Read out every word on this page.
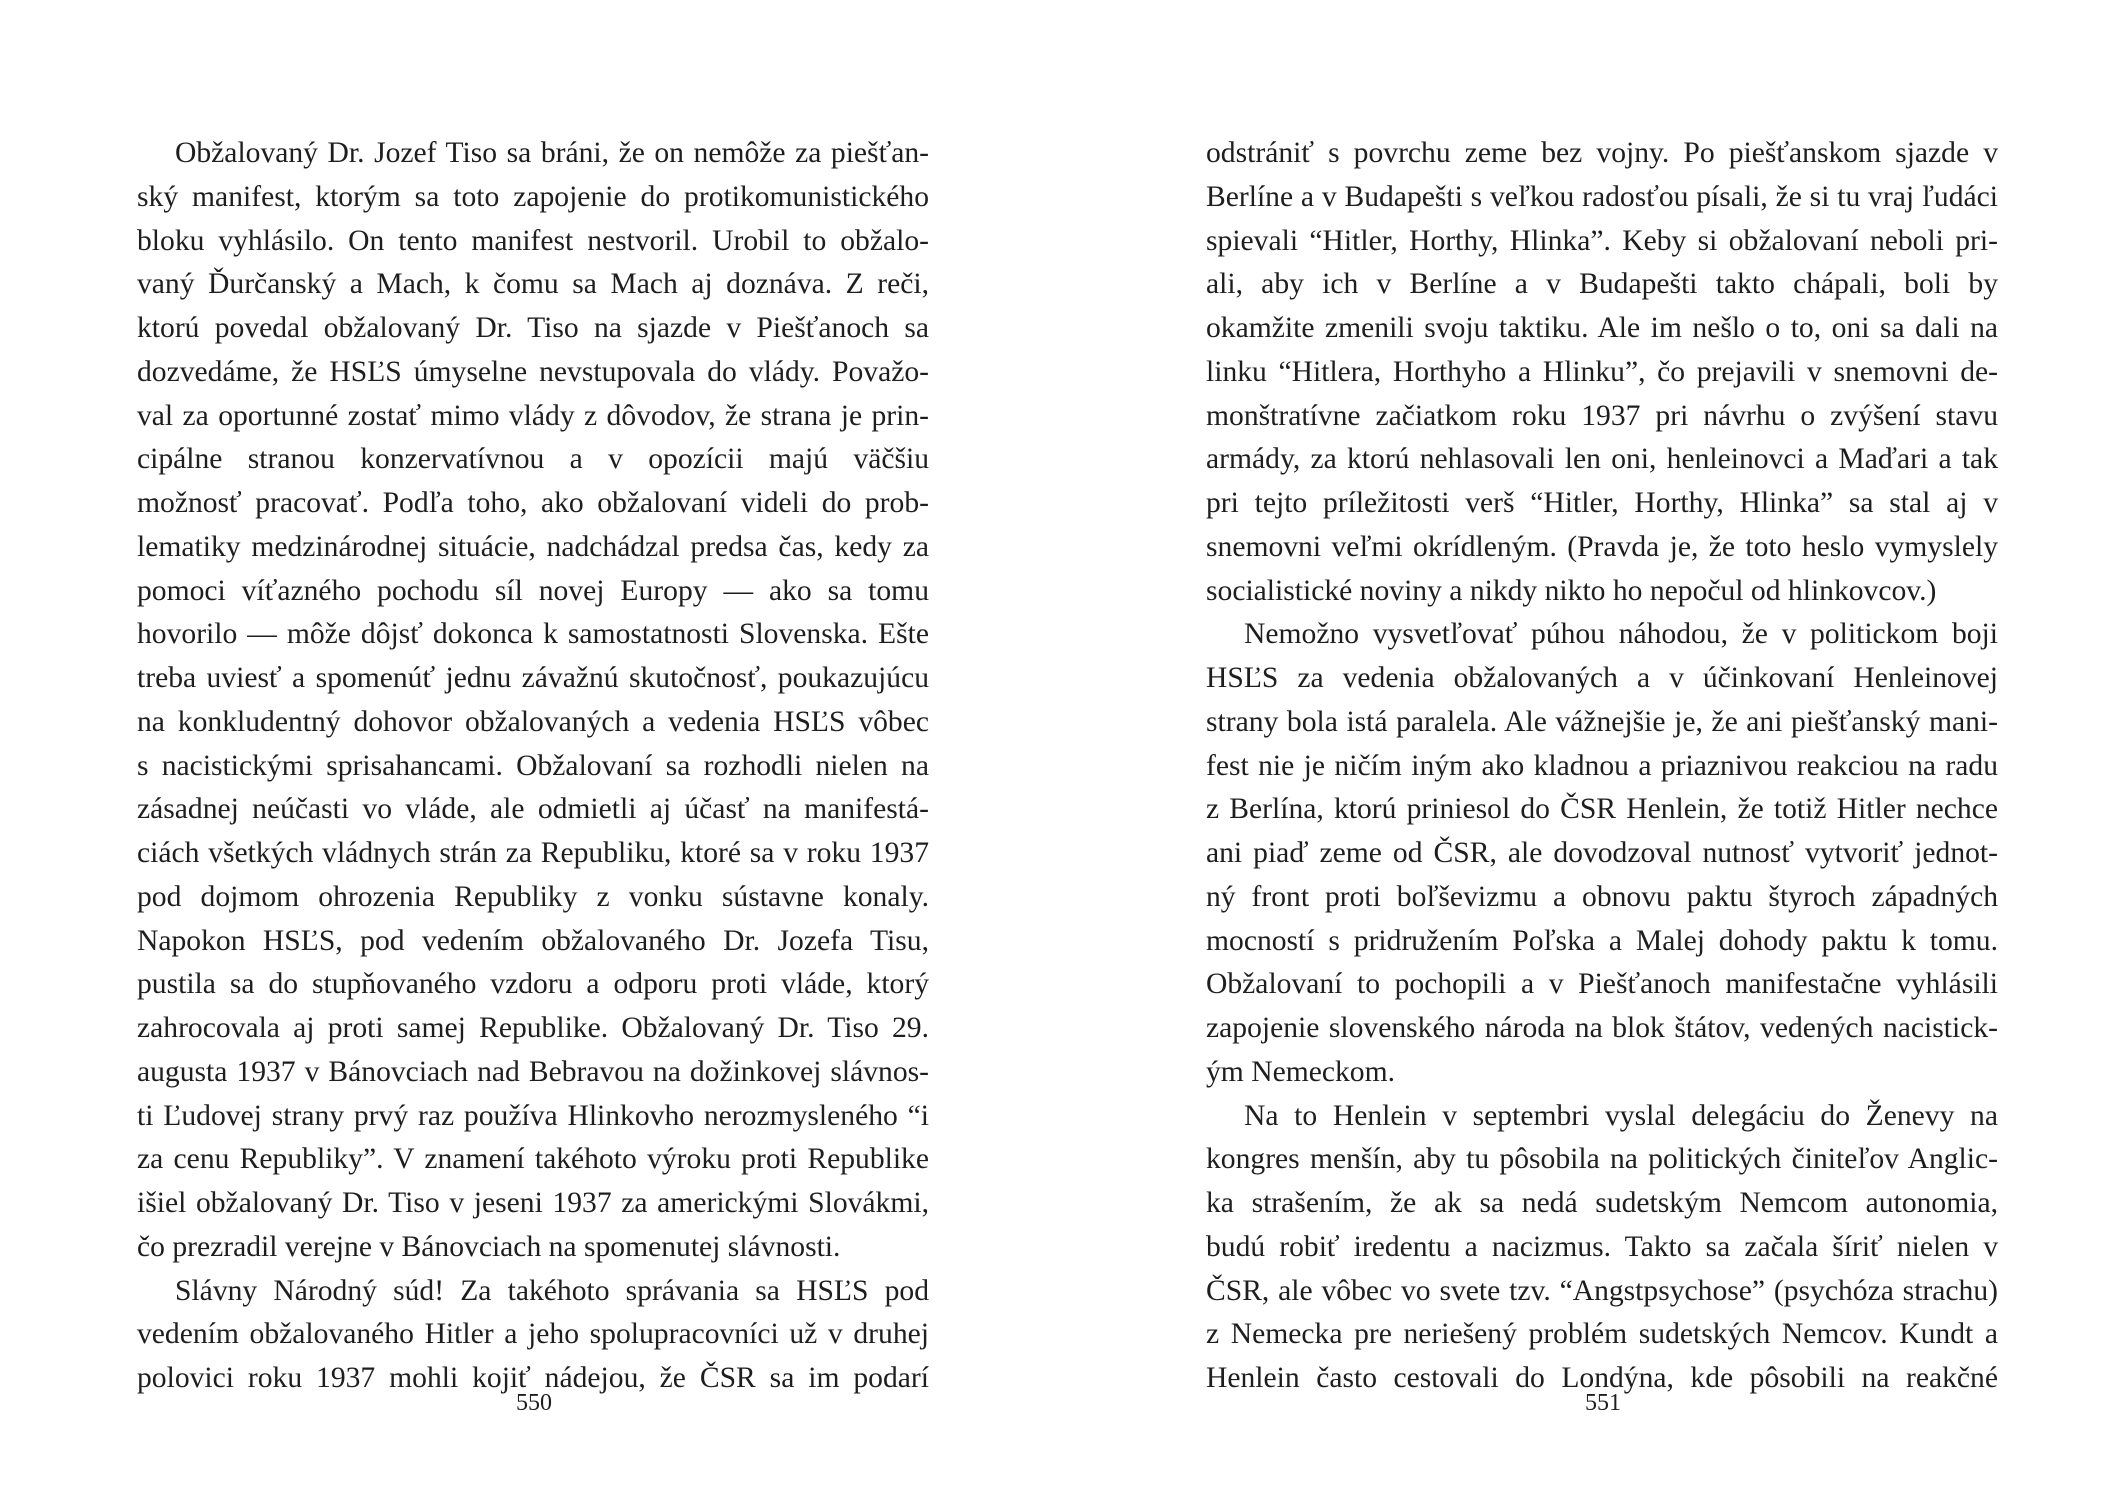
Obžalovaný Dr. Jozef Tiso sa bráni, že on nemôže za piešťan-
ský manifest, ktorým sa toto zapojenie do protikomunistického
bloku vyhlásilo. On tento manifest nestvoril. Urobil to obžalo-
vaný Ďurčanský a Mach, k čomu sa Mach aj doznáva. Z reči,
ktorú povedal obžalovaný Dr. Tiso na sjazde v Piešťanoch sa
dozvedáme, že HSĽS úmyselne nevstupovala do vlády. Považo-
val za oportunné zostať mimo vlády z dôvodov, že strana je prin-
cipálne stranou konzervatívnou a v opozícii majú väčšiu
možnosť pracovať. Podľa toho, ako obžalovaní videli do prob-
lematiky medzinárodnej situácie, nadchádzal predsa čas, kedy za
pomoci víťazného pochodu síl novej Europy — ako sa tomu
hovorilo — môže dôjsť dokonca k samostatnosti Slovenska. Ešte
treba uviesť a spomenúť jednu závažnú skutočnosť, poukazujúcu
na konkludentný dohovor obžalovaných a vedenia HSĽS vôbec
s nacistickými sprisahancami. Obžalovaní sa rozhodli nielen na
zásadnej neúčasti vo vláde, ale odmietli aj účasť na manifestá-
ciách všetkých vládnych strán za Republiku, ktoré sa v roku 1937
pod dojmom ohrozenia Republiky z vonku sústavne konaly.
Napokon HSĽS, pod vedením obžalovaného Dr. Jozefa Tisu,
pustila sa do stupňovaného vzdoru a odporu proti vláde, ktorý
zahrocovala aj proti samej Republike. Obžalovaný Dr. Tiso 29.
augusta 1937 v Bánovciach nad Bebravou na dožinkovej slávnos-
ti Ľudovej strany prvý raz používa Hlinkovho nerozmysleného “i
za cenu Republiky”. V znamení takéhoto výroku proti Republike
išiel obžalovaný Dr. Tiso v jeseni 1937 za americkými Slovákmi,
čo prezradil verejne v Bánovciach na spomenutej slávnosti.
Slávny Národný súd! Za takéhoto správania sa HSĽS pod
vedením obžalovaného Hitler a jeho spolupracovníci už v druhej
polovici roku 1937 mohli kojiť nádejou, že ČSR sa im podarí
odstrániť s povrchu zeme bez vojny. Po piešťanskom sjazde v
Berlíne a v Budapešti s veľkou radosťou písali, že si tu vraj ľudáci
spievali “Hitler, Horthy, Hlinka”. Keby si obžalovaní neboli pri-
ali, aby ich v Berlíne a v Budapešti takto chápali, boli by
okamžite zmenili svoju taktiku. Ale im nešlo o to, oni sa dali na
linku “Hitlera, Horthyho a Hlinku”, čo prejavili v snemovni de-
monštratívne začiatkom roku 1937 pri návrhu o zvýšení stavu
armády, za ktorú nehlasovali len oni, henleinovci a Maďari a tak
pri tejto príležitosti verš “Hitler, Horthy, Hlinka” sa stal aj v
snemovni veľmi okrídleným. (Pravda je, že toto heslo vymyslely
socialistické noviny a nikdy nikto ho nepočul od hlinkovcov.)
Nemožno vysvetľovať púhou náhodou, že v politickom boji
HSĽS za vedenia obžalovaných a v účinkovaní Henleinovej
strany bola istá paralela. Ale vážnejšie je, že ani piešťanský mani-
fest nie je ničím iným ako kladnou a priaznivou reakciou na radu
z Berlína, ktorú priniesol do ČSR Henlein, že totiž Hitler nechce
ani piaď zeme od ČSR, ale dovodzoval nutnosť vytvoriť jednot-
ný front proti boľševizmu a obnovu paktu štyroch západných
mocností s pridružením Poľska a Malej dohody paktu k tomu.
Obžalovaní to pochopili a v Piešťanoch manifestačne vyhlásili
zapojenie slovenského národa na blok štátov, vedených nacistick-
ým Nemeckom.
Na to Henlein v septembri vyslal delegáciu do Ženevy na
kongres menšín, aby tu pôsobila na politických činiteľov Anglic-
ka strašením, že ak sa nedá sudetským Nemcom autonomia,
budú robiť iredentu a nacizmus. Takto sa začala šíriť nielen v
ČSR, ale vôbec vo svete tzv. “Angstpsychose” (psychóza strachu)
z Nemecka pre neriešený problém sudetských Nemcov. Kundt a
Henlein často cestovali do Londýna, kde pôsobili na reakčné
550	551
